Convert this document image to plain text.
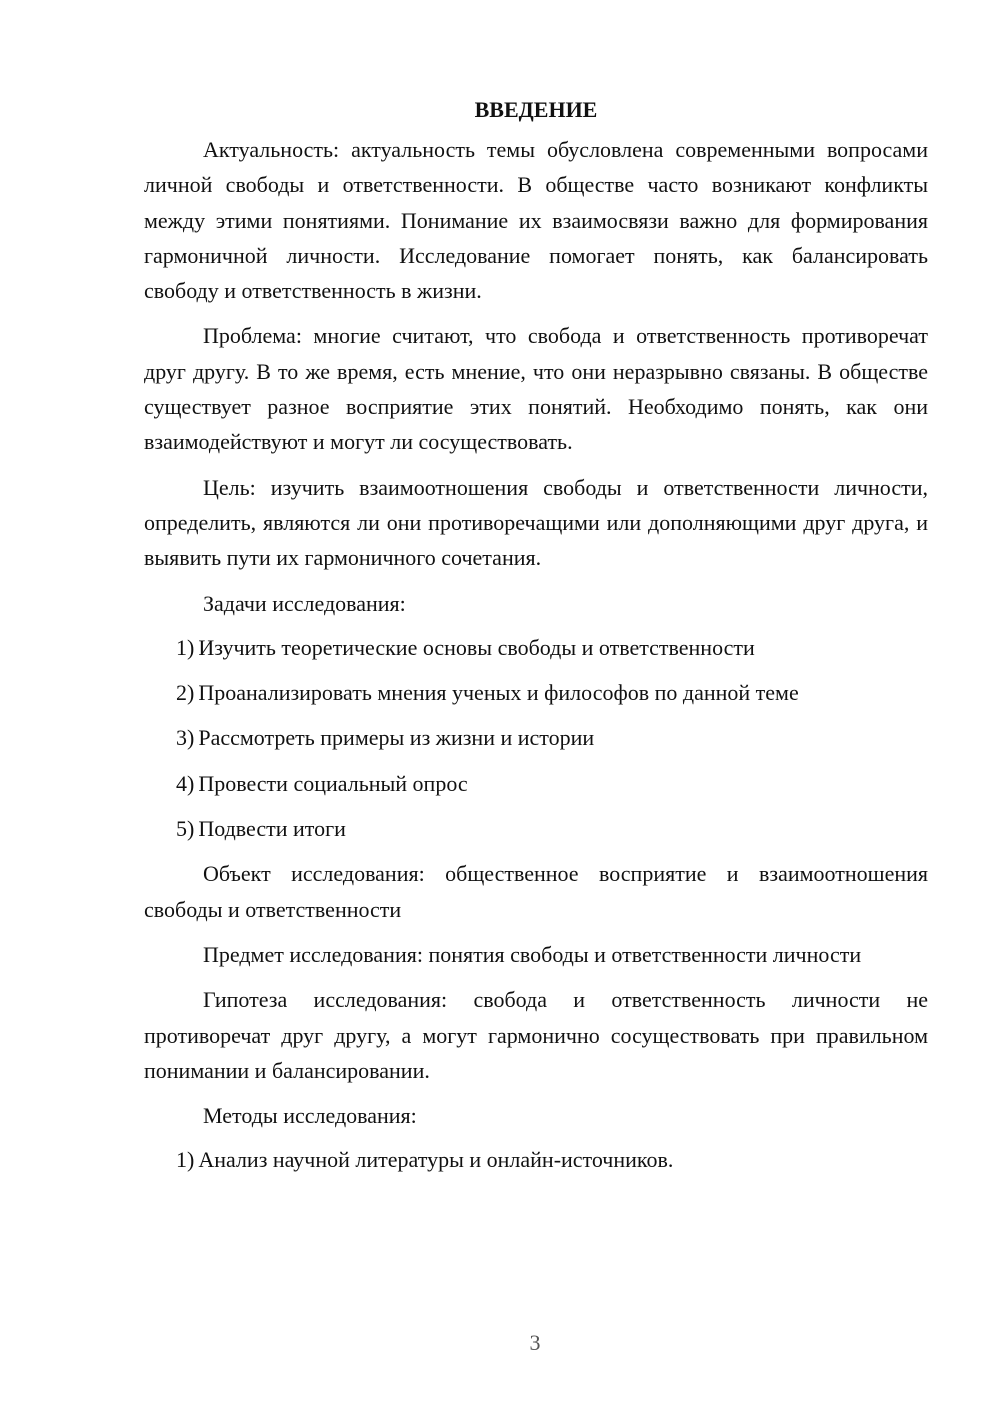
ВВЕДЕНИЕ

Актуальность: актуальность темы обусловлена современными вопросами личной свободы и ответственности. В обществе часто возникают конфликты между этими понятиями. Понимание их взаимосвязи важно для формирования гармоничной личности. Исследование помогает понять, как балансировать свободу и ответственность в жизни.

Проблема: многие считают, что свобода и ответственность противоречат друг другу. В то же время, есть мнение, что они неразрывно связаны. В обществе существует разное восприятие этих понятий. Необходимо понять, как они взаимодействуют и могут ли сосуществовать.

Цель: изучить взаимоотношения свободы и ответственности личности, определить, являются ли они противоречащими или дополняющими друг друга, и выявить пути их гармоничного сочетания.

Задачи исследования:

1) Изучить теоретические основы свободы и ответственности

2) Проанализировать мнения ученых и философов по данной теме

3) Рассмотреть примеры из жизни и истории

4) Провести социальный опрос

5) Подвести итоги

Объект исследования: общественное восприятие и взаимоотношения свободы и ответственности

Предмет исследования: понятия свободы и ответственности личности

Гипотеза исследования: свобода и ответственность личности не противоречат друг другу, а могут гармонично сосуществовать при правильном понимании и балансировании.

Методы исследования:

1) Анализ научной литературы и онлайн-источников.

3
